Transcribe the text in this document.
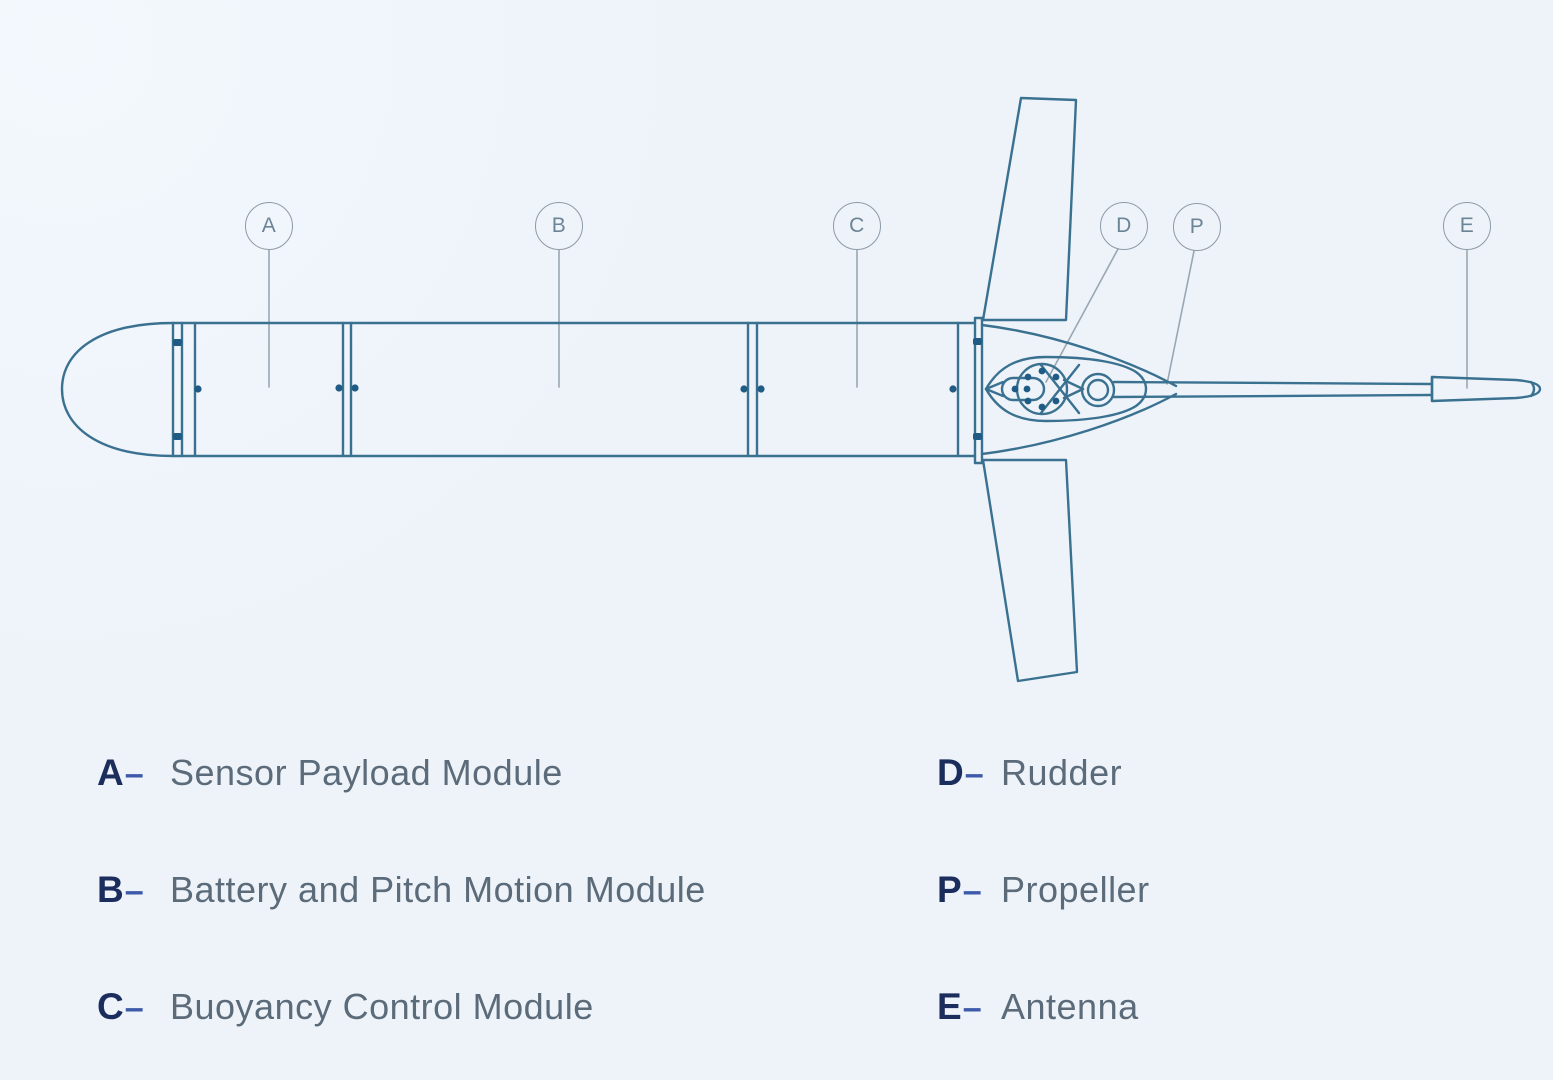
A	B	C	D	P	E
A– Sensor Payload Module
B– Battery and Pitch Motion Module
C– Buoyancy Control Module
D– Rudder
P– Propeller
E– Antenna
